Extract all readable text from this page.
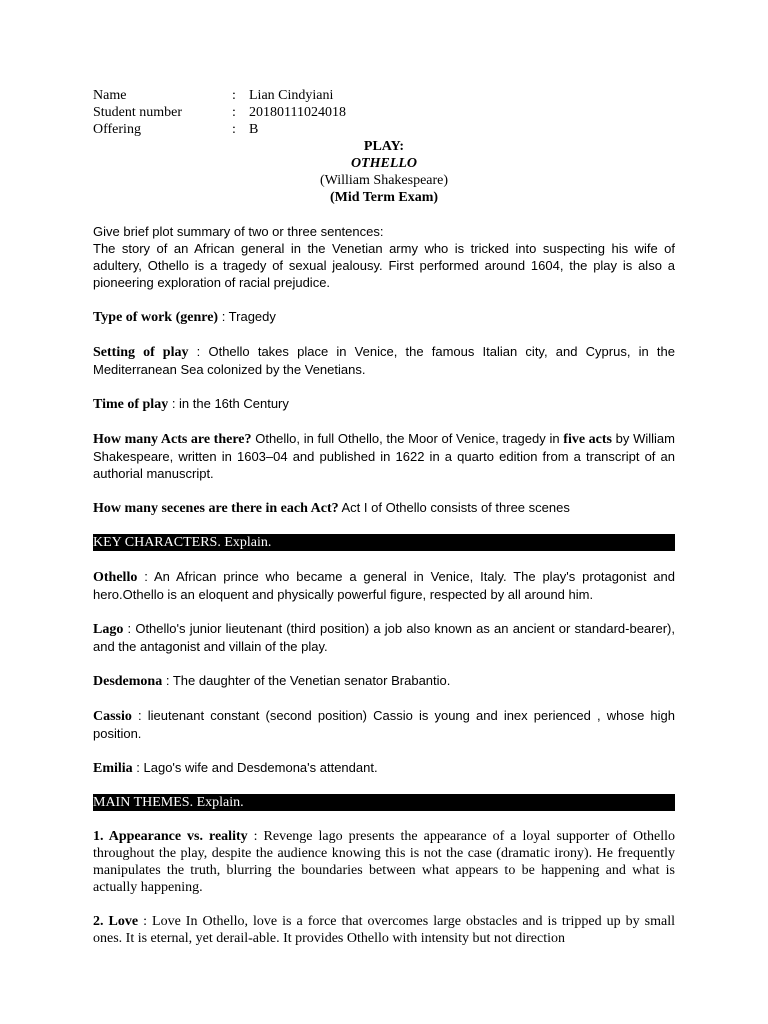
Name	: Lian Cindyiani
Student number	: 20180111024018
Offering	: B
PLAY:
OTHELLO
(William Shakespeare)
(Mid Term Exam)

Give brief plot summary of two or three sentences:

The story of an African general in the Venetian army who is tricked into suspecting his wife of adultery, Othello is a tragedy of sexual jealousy. First performed around 1604, the play is also a pioneering exploration of racial prejudice.

Type of work (genre) : Tragedy

Setting of play : Othello takes place in Venice, the famous Italian city, and Cyprus, in the Mediterranean Sea colonized by the Venetians.

Time of play : in the 16th Century

How many Acts are there? Othello, in full Othello, the Moor of Venice, tragedy in five acts by William Shakespeare, written in 1603–04 and published in 1622 in a quarto edition from a transcript of an authorial manuscript.

How many secenes are there in each Act? Act I of Othello consists of three scenes

KEY CHARACTERS. Explain.

Othello : An African prince who became a general in Venice, Italy. The play's protagonist and hero.Othello is an eloquent and physically powerful figure, respected by all around him.

Lago : Othello's junior lieutenant (third position) a job also known as an ancient or standard-bearer), and the antagonist and villain of the play.

Desdemona : The daughter of the Venetian senator Brabantio.

Cassio : lieutenant constant (second position) Cassio is young and inex perienced , whose high position.

Emilia : Lago's wife and Desdemona's attendant.

MAIN THEMES. Explain.

1. Appearance vs. reality : Revenge lago presents the appearance of a loyal supporter of Othello throughout the play, despite the audience knowing this is not the case (dramatic irony). He frequently manipulates the truth, blurring the boundaries between what appears to be happening and what is actually happening.

2. Love : Love In Othello, love is a force that overcomes large obstacles and is tripped up by small ones. It is eternal, yet derail-able. It provides Othello with intensity but not direction
